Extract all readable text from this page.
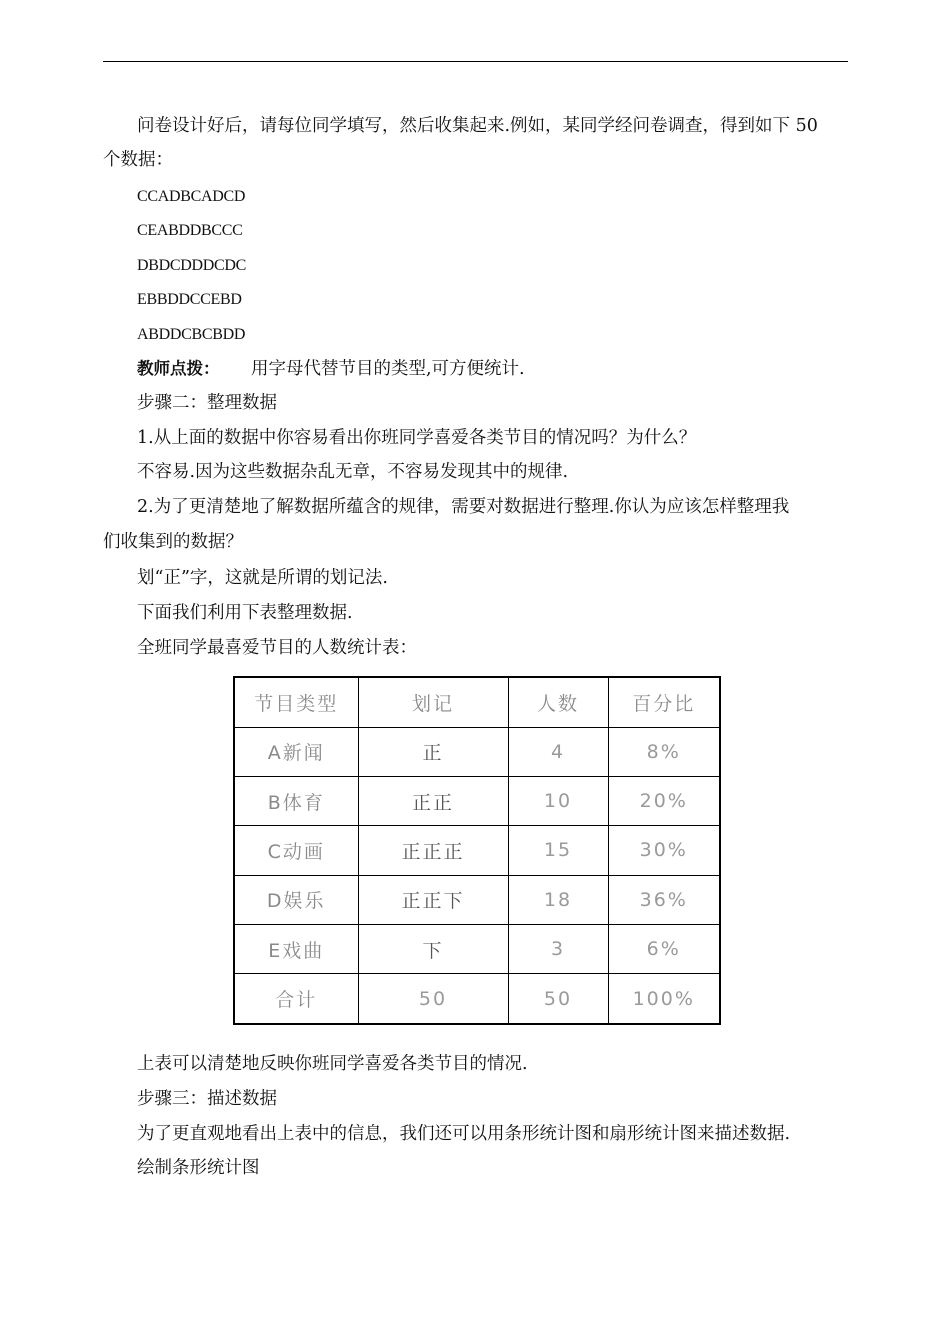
问卷设计好后，请每位同学填写，然后收集起来.例如，某同学经问卷调查，得到如下 50
个数据：
CCADBCADCD
CEABDDBCCC
DBDCDDDCDC
EBBDDCCEBD
ABDDCBCBDD
教师点拨： 用字母代替节目的类型,可方便统计.
步骤二：整理数据
1.从上面的数据中你容易看出你班同学喜爱各类节目的情况吗？为什么？
不容易.因为这些数据杂乱无章，不容易发现其中的规律.
2.为了更清楚地了解数据所蕴含的规律，需要对数据进行整理.你认为应该怎样整理我
们收集到的数据？
划“正”字，这就是所谓的划记法.
下面我们利用下表整理数据.
全班同学最喜爱节目的人数统计表：
节目类型	划记	人数	百分比
A新闻	正	4	8%
B体育	正正	10	20%
C动画	正正正	15	30%
D娱乐	正正下	18	36%
E戏曲	下	3	6%
合计	50	50	100%
上表可以清楚地反映你班同学喜爱各类节目的情况.
步骤三：描述数据
为了更直观地看出上表中的信息，我们还可以用条形统计图和扇形统计图来描述数据.
绘制条形统计图
